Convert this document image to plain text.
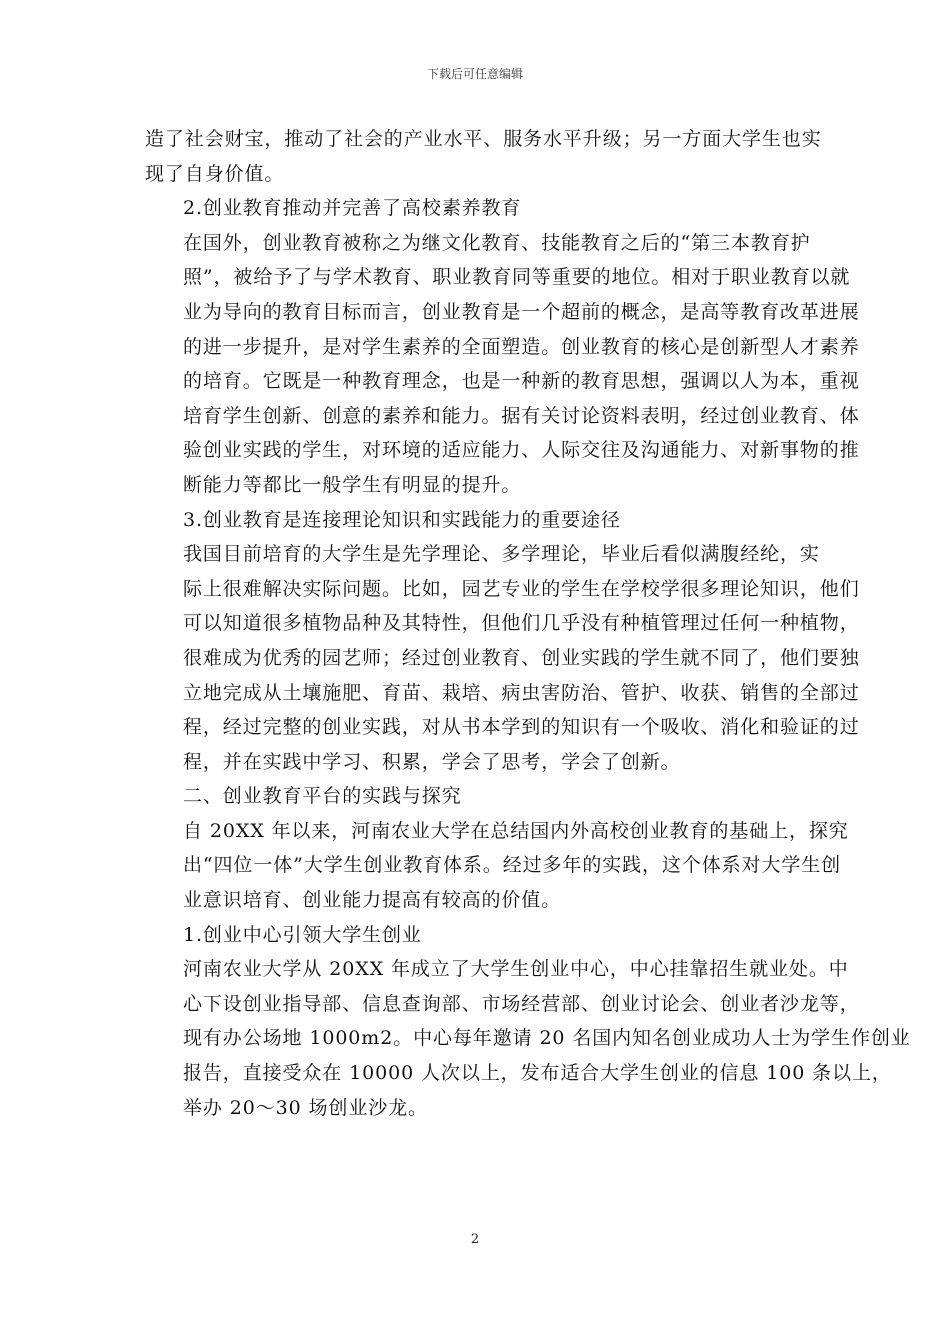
下载后可任意编辑

造了社会财宝，推动了社会的产业水平、服务水平升级；另一方面大学生也实
现了自身价值。

2.创业教育推动并完善了高校素养教育

在国外，创业教育被称之为继文化教育、技能教育之后的“第三本教育护
照”，被给予了与学术教育、职业教育同等重要的地位。相对于职业教育以就
业为导向的教育目标而言，创业教育是一个超前的概念，是高等教育改革进展
的进一步提升，是对学生素养的全面塑造。创业教育的核心是创新型人才素养
的培育。它既是一种教育理念，也是一种新的教育思想，强调以人为本，重视
培育学生创新、创意的素养和能力。据有关讨论资料表明，经过创业教育、体
验创业实践的学生，对环境的适应能力、人际交往及沟通能力、对新事物的推
断能力等都比一般学生有明显的提升。

3.创业教育是连接理论知识和实践能力的重要途径

我国目前培育的大学生是先学理论、多学理论，毕业后看似满腹经纶，实
际上很难解决实际问题。比如，园艺专业的学生在学校学很多理论知识，他们
可以知道很多植物品种及其特性，但他们几乎没有种植管理过任何一种植物，
很难成为优秀的园艺师；经过创业教育、创业实践的学生就不同了，他们要独
立地完成从土壤施肥、育苗、栽培、病虫害防治、管护、收获、销售的全部过
程，经过完整的创业实践，对从书本学到的知识有一个吸收、消化和验证的过
程，并在实践中学习、积累，学会了思考，学会了创新。

二、创业教育平台的实践与探究

自 20XX 年以来，河南农业大学在总结国内外高校创业教育的基础上，探究
出“四位一体”大学生创业教育体系。经过多年的实践，这个体系对大学生创
业意识培育、创业能力提高有较高的价值。

1.创业中心引领大学生创业

河南农业大学从 20XX 年成立了大学生创业中心，中心挂靠招生就业处。中
心下设创业指导部、信息查询部、市场经营部、创业讨论会、创业者沙龙等，
现有办公场地 1000m2。中心每年邀请 20 名国内知名创业成功人士为学生作创业
报告，直接受众在 10000 人次以上，发布适合大学生创业的信息 100 条以上，
举办 20～30 场创业沙龙。

2
